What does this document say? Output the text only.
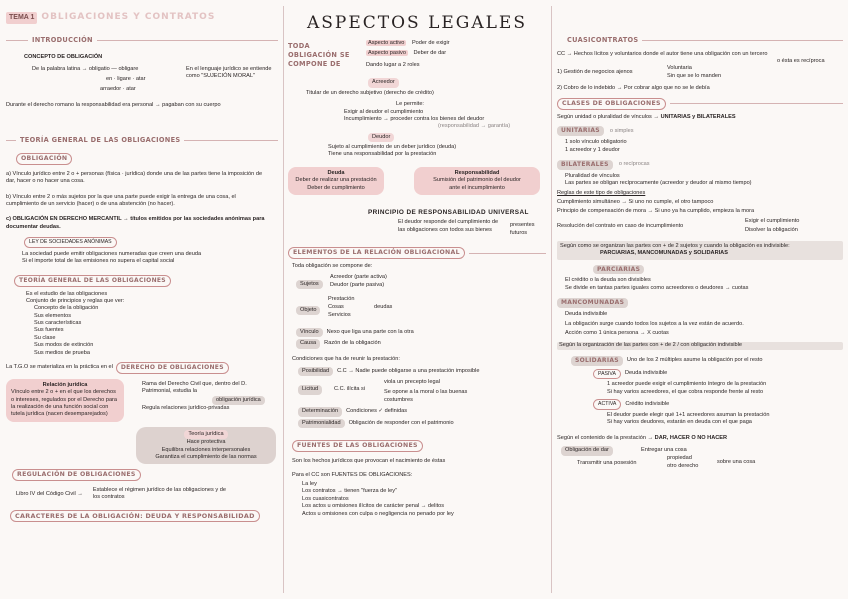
TEMA 1 OBLIGACIONES Y CONTRATOS
INTRODUCCIÓN
CONCEPTO DE OBLIGACIÓN
De la palabra latina → obligatio — obligare
en · ligare · atar
arraedor · atar
En el lenguaje jurídico se entiende como "SUJECIÓN MORAL"
Durante el derecho romano la responsabilidad era personal → pagaban con su cuerpo
TEORÍA GENERAL DE LAS OBLIGACIONES
OBLIGACIÓN

a) Vínculo jurídico entre 2 o + personas (física · jurídica) donde una de las partes tiene la imposición de dar, hacer o no hacer una cosa.

b) Vínculo entre 2 o más sujetos por la que una parte puede exigir la entrega de una cosa, el cumplimiento de un servicio (hacer) o de una abstención (no hacer).

c) OBLIGACIÓN EN DERECHO MERCANTIL → títulos emitidos por las sociedades anónimas para documentar deudas.

LEY DE SOCIEDADES ANÓNIMAS

La sociedad puede emitir obligaciones numeradas que creen una deuda

Si el importe total de las emisiones no supera el capital social

TEORÍA GENERAL DE LAS OBLIGACIONES

Es el estudio de las obligaciones

Conjunto de principios y reglas que ver:

Concepto de la obligación

Sus elementos

Sus características

Sus fuentes

Su clase

Sus modos de extinción

Sus medios de prueba

La T.G.O se materializa en la práctica en el	DERECHO DE OBLIGACIONES

Relación jurídica

Vínculo entre 2 o + en el que los derechos o intereses, regulados por el Derecho para la realización de una función social con tutela jurídica (nacen desemparejados)

Rama del Derecho Civil que, dentro del D. Patrimonial, estudia la

obligación jurídica

Regula relaciones jurídico-privadas

Teoría jurídica

Hace protectiva

Equilibra relaciones interpersonales

Garantiza el cumplimiento de las normas

REGULACIÓN DE OBLIGACIONES
Libro IV del Código Civil →
Establece el régimen jurídico de las obligaciones y de los contratos
CARACTERES DE LA OBLIGACIÓN: DEUDA Y RESPONSABILIDAD
ASPECTOS LEGALES
TODA OBLIGACIÓN SE COMPONE DE
Aspecto activo Poder de exigir
Aspecto pasivo Deber de dar
Dando lugar a 2 roles
Acreedor

Titular de un derecho subjetivo (derecho de crédito)

Le permite:

Exigir al deudor el cumplimiento

Incumplimiento → proceder contra los bienes del deudor

(responsabilidad → garantía)

Deudor

Sujeto al cumplimiento de un deber jurídico (deuda)

Tiene una responsabilidad por la prestación

Deuda

Deber de realizar una prestación

Deber de cumplimiento

Responsabilidad

Sumisión del patrimonio del deudor

ante el incumplimiento

PRINCIPIO DE RESPONSABILIDAD UNIVERSAL

El deudor responde del cumplimiento de las obligaciones con todos sus bienes

presentes
futuros
ELEMENTOS DE LA RELACIÓN OBLIGACIONAL

Toda obligación se compone de:

Sujetos

Acreedor (parte activa)

Deudor (parte pasiva)

Objeto

Prestación

Cosas

Servicios

deudas

Vínculo	Nexo que liga una parte con la otra
Causa	Razón de la obligación

Condiciones que ha de reunir la prestación:

Posibilidad	C.C → Nadie puede obligarse a una prestación imposible
Licitud	C.C. ilícita si
viola un precepto legal
Se opone a la moral o las buenas costumbres
Determinación	Condiciones ✓ definidas
Patrimonialidad	Obligación de responder con el patrimonio
FUENTES DE LAS OBLIGACIONES

Son los hechos jurídicos que provocan el nacimiento de éstas

Para el CC son FUENTES DE OBLIGACIONES:

La ley

Los contratos → tienen "fuerza de ley"

Los cuasicontratos

Los actos u omisiones ilícitos de carácter penal → delitos

Actos u omisiones con culpa o negligencia no penado por ley

CUASICONTRATOS

CC → Hechos lícitos y voluntarios donde el autor tiene una obligación con un tercero

o ésta es recíproca

1) Gestión de negocios ajenos
Voluntaria
Sin que se lo manden

2) Cobro de lo indebido → Por cobrar algo que no se le debía

CLASES DE OBLIGACIONES

Según unidad o pluralidad de vínculos → UNITARIAS y BILATERALES

UNITARIAS	o simples

1 solo vínculo obligatorio

1 acreedor y 1 deudor

BILATERALES	o recíprocas

Pluralidad de vínculos

Las partes se obligan recíprocamente (acreedor y deudor al mismo tiempo)

Reglas de este tipo de obligaciones

Cumplimiento simultáneo → Si uno no cumple, el otro tampoco

Principio de compensación de mora → Si uno ya ha cumplido, empieza la mora

Resolución del contrato en caso de incumplimiento
Exigir el cumplimiento
Disolver la obligación

Según como se organizan las partes con + de 2 sujetos y cuando la obligación es indivisible:

PARCIARIAS, MANCOMUNADAS y SOLIDARIAS

PARCIARIAS

El crédito o la deuda son divisibles

Se divide en tantas partes iguales como acreedores o deudores → cuotas

MANCOMUNADAS

Deuda indivisible

La obligación surge cuando todos los sujetos a la vez están de acuerdo.

Acción como 1 única persona → X cuotas

Según la organización de las partes con + de 2 / con obligación indivisible

SOLIDARIAS	Uno de los 2 múltiples asume la obligación por el resto
PASIVA	Deuda indivisible

1 acreedor puede exigir el cumplimiento íntegro de la prestación

Si hay varios acreedores, el que cobra responde frente al resto

ACTIVA	Crédito indivisible

El deudor puede elegir qué 1+1 acreedores asuman la prestación

Si hay varios deudores, estarán en deuda con el que paga

Según el contenido de la prestación → DAR, HACER O NO HACER

Obligación de dar	Entregar una cosa
propiedad
Transmitir una posesión	otro derecho
sobre una cosa
